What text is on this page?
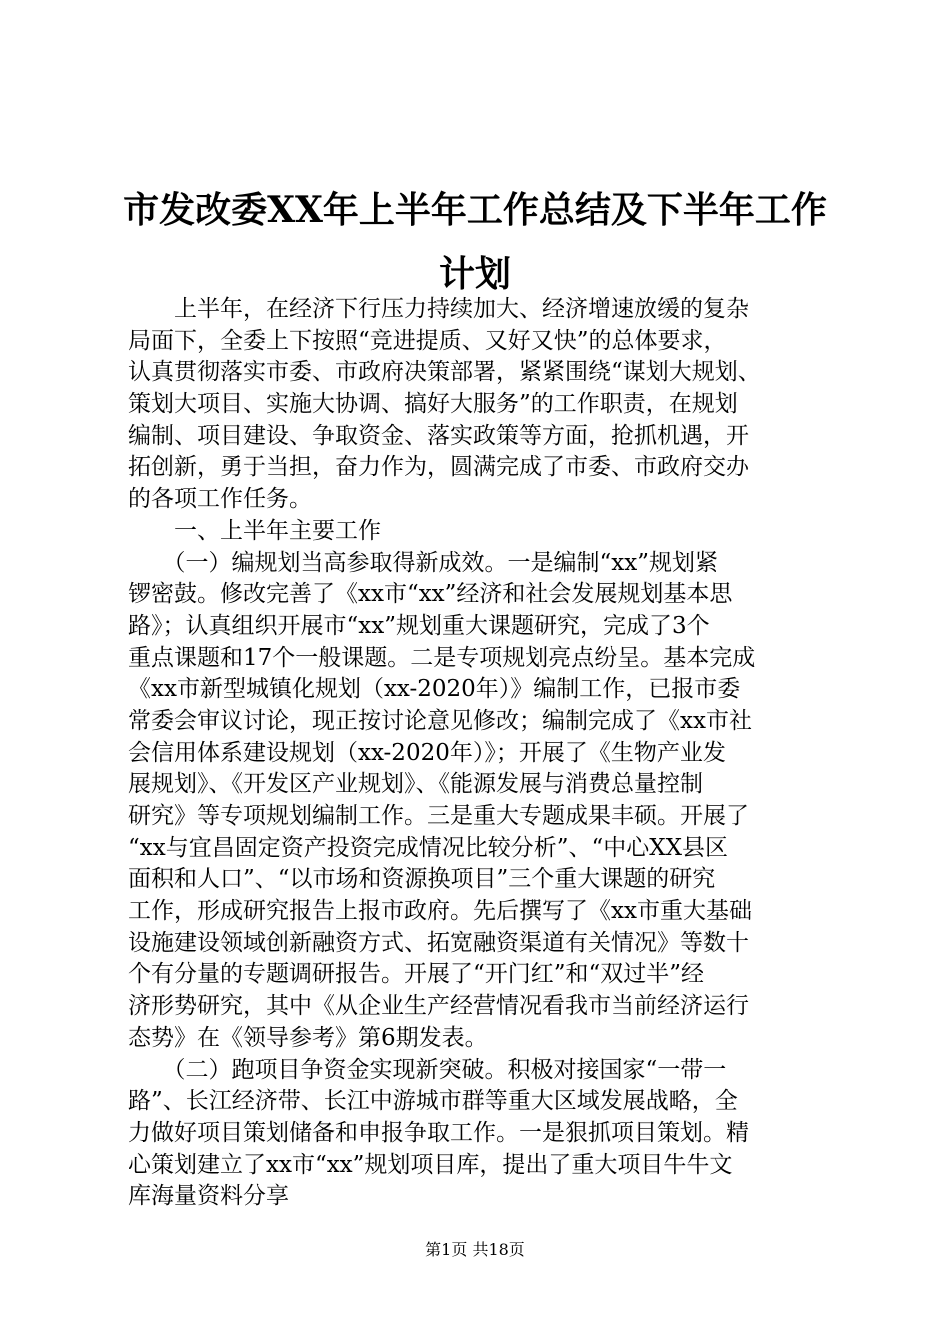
市发改委XX年上半年工作总结及下半年工作
计划
　　上半年，在经济下行压力持续加大、经济增速放缓的复杂
局面下，全委上下按照“竞进提质、又好又快”的总体要求，
认真贯彻落实市委、市政府决策部署，紧紧围绕“谋划大规划、
策划大项目、实施大协调、搞好大服务”的工作职责，在规划
编制、项目建设、争取资金、落实政策等方面，抢抓机遇，开
拓创新，勇于当担，奋力作为，圆满完成了市委、市政府交办
的各项工作任务。
　　一、上半年主要工作
　　（一）编规划当高参取得新成效。一是编制“xx”规划紧
锣密鼓。修改完善了《xx市“xx”经济和社会发展规划基本思
路》；认真组织开展市“xx”规划重大课题研究，完成了3个
重点课题和17个一般课题。二是专项规划亮点纷呈。基本完成
《xx市新型城镇化规划（xx-2020年）》编制工作，已报市委
常委会审议讨论，现正按讨论意见修改；编制完成了《xx市社
会信用体系建设规划（xx-2020年）》；开展了《生物产业发
展规划》、《开发区产业规划》、《能源发展与消费总量控制
研究》等专项规划编制工作。三是重大专题成果丰硕。开展了
“xx与宜昌固定资产投资完成情况比较分析”、“中心XX县区
面积和人口”、“以市场和资源换项目”三个重大课题的研究
工作，形成研究报告上报市政府。先后撰写了《xx市重大基础
设施建设领域创新融资方式、拓宽融资渠道有关情况》等数十
个有分量的专题调研报告。开展了“开门红”和“双过半”经
济形势研究，其中《从企业生产经营情况看我市当前经济运行
态势》在《领导参考》第6期发表。
　　（二）跑项目争资金实现新突破。积极对接国家“一带一
路”、长江经济带、长江中游城市群等重大区域发展战略，全
力做好项目策划储备和申报争取工作。一是狠抓项目策划。精
心策划建立了xx市“xx”规划项目库，提出了重大项目牛牛文
库海量资料分享
第1页 共18页
